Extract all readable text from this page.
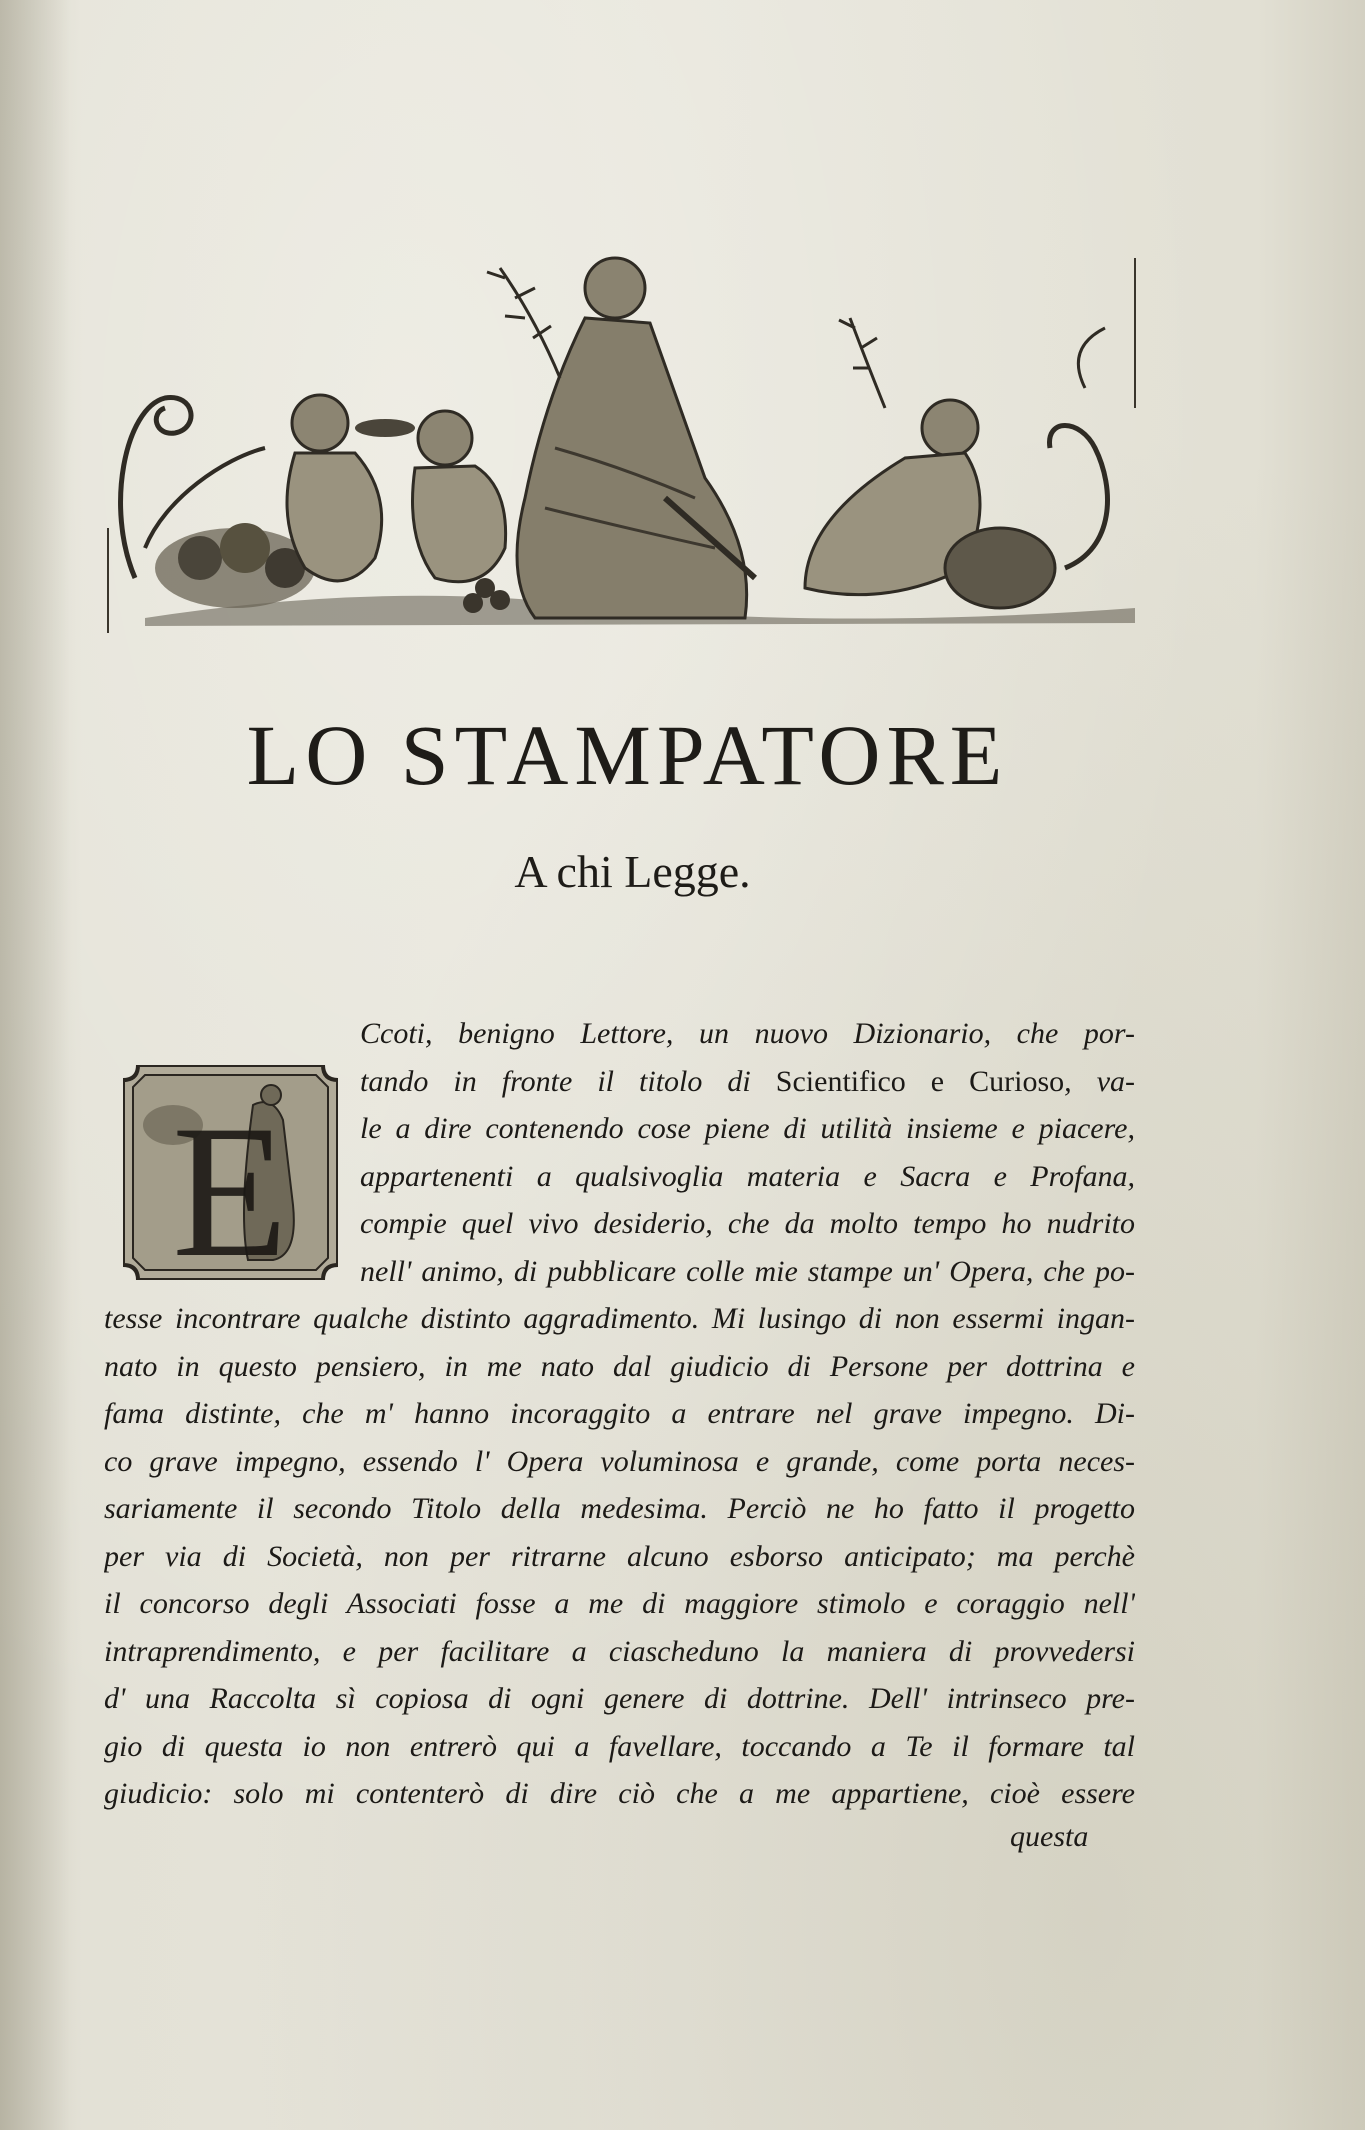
LO STAMPATORE
A chi Legge.
E
Ccoti, benigno Lettore, un nuovo Dizionario, che por-
tando in fronte il titolo di Scientifico e Curioso, va-
le a dire contenendo cose piene di utilità insieme e piacere,
appartenenti a qualsivoglia materia e Sacra e Profana,
compie quel vivo desiderio, che da molto tempo ho nudrito
nell' animo, di pubblicare colle mie stampe un' Opera, che po-
tesse incontrare qualche distinto aggradimento. Mi lusingo di non essermi ingan-
nato in questo pensiero, in me nato dal giudicio di Persone per dottrina e
fama distinte, che m' hanno incoraggito a entrare nel grave impegno. Di-
co grave impegno, essendo l' Opera voluminosa e grande, come porta neces-
sariamente il secondo Titolo della medesima. Perciò ne ho fatto il progetto
per via di Società, non per ritrarne alcuno esborso anticipato; ma perchè
il concorso degli Associati fosse a me di maggiore stimolo e coraggio nell'
intraprendimento, e per facilitare a ciascheduno la maniera di provvedersi
d' una Raccolta sì copiosa di ogni genere di dottrine. Dell' intrinseco pre-
gio di questa io non entrerò qui a favellare, toccando a Te il formare tal
giudicio: solo mi contenterò di dire ciò che a me appartiene, cioè essere
questa
